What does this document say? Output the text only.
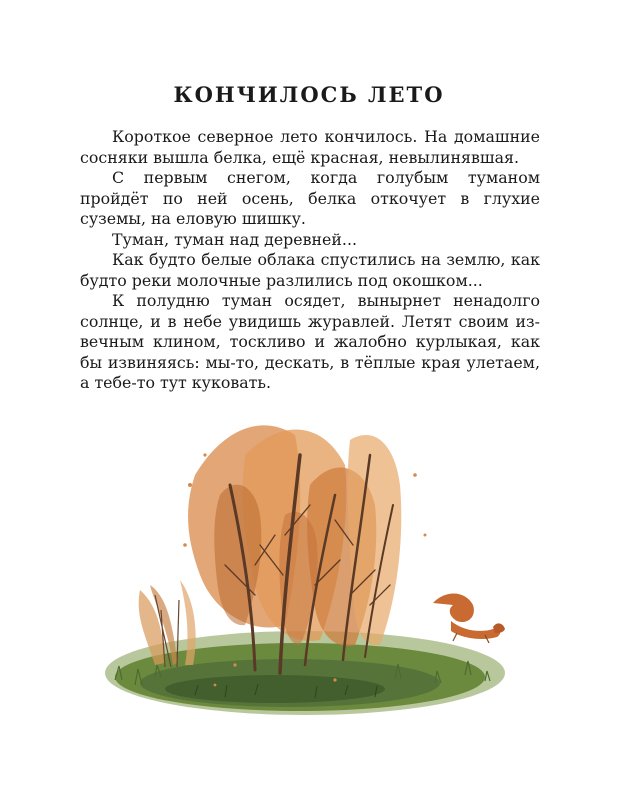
КОНЧИЛОСЬ ЛЕТО

Короткое северное лето кончилось. На домашние сосняки вышла белка, ещё красная, невылинявшая.

С первым снегом, когда голубым туманом пройдёт по ней осень, белка откочует в глухие суземы, на еловую шишку.

Туман, туман над деревней...

Как будто белые облака спустились на землю, как будто реки молочные разлились под окошком...

К полудню туман осядет, вынырнет ненадолго солнце, и в небе увидишь журавлей. Летят своим извечным клином, тоскливо и жалобно курлыкая, как бы извиняясь: мы-то, дескать, в тёплые края улетаем, а тебе-то тут куковать.
